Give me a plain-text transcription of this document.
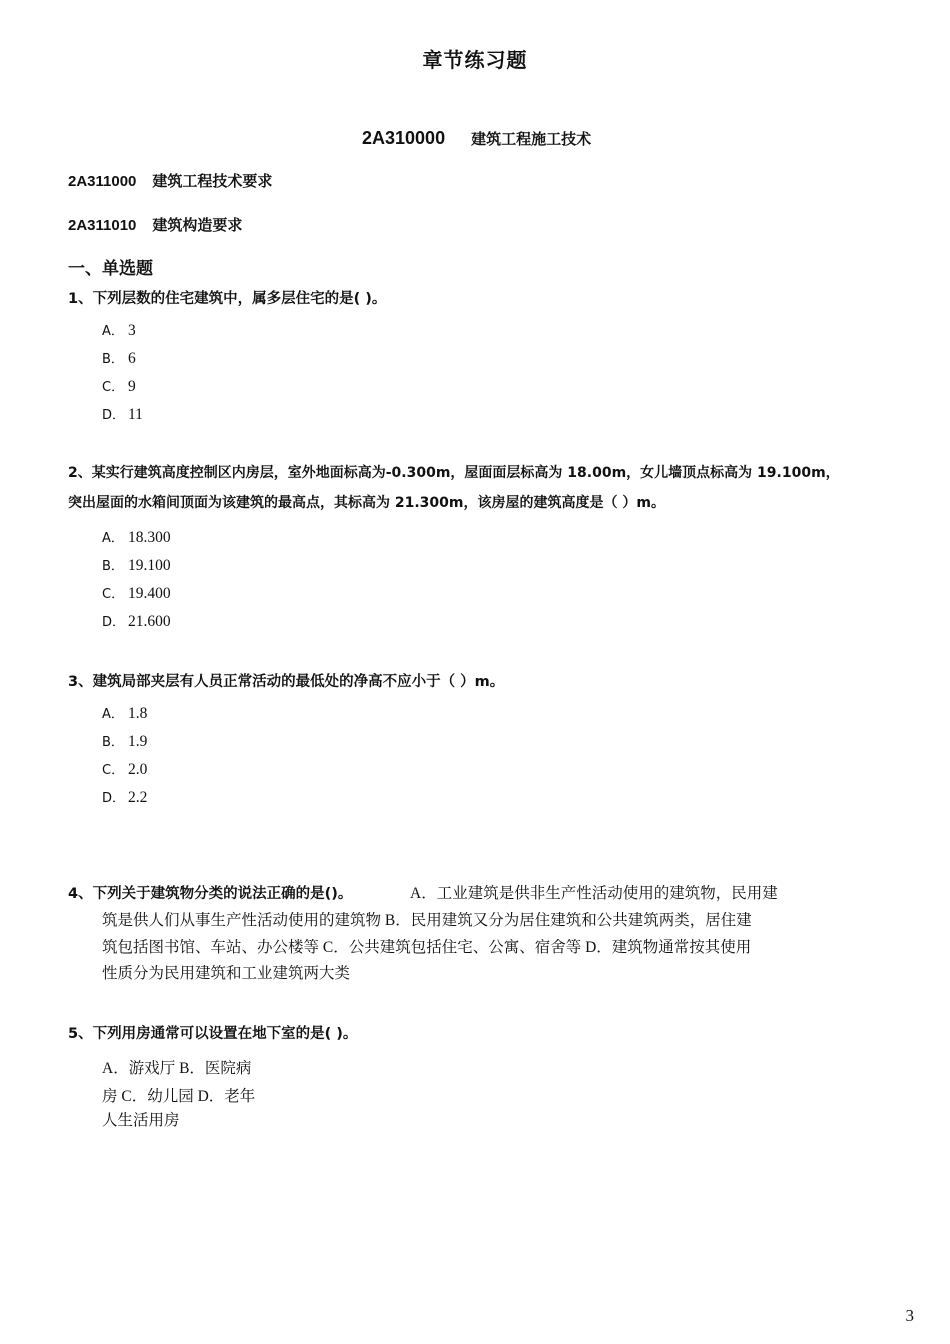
章节练习题
2A310000 建筑工程施工技术
2A311000 建筑工程技术要求
2A311010 建筑构造要求
一、单选题
1、下列层数的住宅建筑中，属多层住宅的是( )。
A． 3
B． 6
C． 9
D． 11
2、某实行建筑高度控制区内房层，室外地面标高为-0.300m，屋面面层标高为 18.00m，女儿墙顶点标高为 19.100m，
突出屋面的水箱间顶面为该建筑的最高点，其标高为 21.300m，该房屋的建筑高度是（ ）m。
A． 18.300
B． 19.100
C． 19.400
D． 21.600
3、建筑局部夹层有人员正常活动的最低处的净高不应小于（ ）m。
A． 1.8
B． 1.9
C． 2.0
D． 2.2
4、下列关于建筑物分类的说法正确的是()。	A．工业建筑是供非生产性活动使用的建筑物，民用建
筑是供人们从事生产性活动使用的建筑物 B．民用建筑又分为居住建筑和公共建筑两类，居住建
筑包括图书馆、车站、办公楼等 C．公共建筑包括住宅、公寓、宿舍等 D．建筑物通常按其使用
性质分为民用建筑和工业建筑两大类
5、下列用房通常可以设置在地下室的是( )。
A．游戏厅 B．医院病
房 C．幼儿园 D．老年
人生活用房
3
